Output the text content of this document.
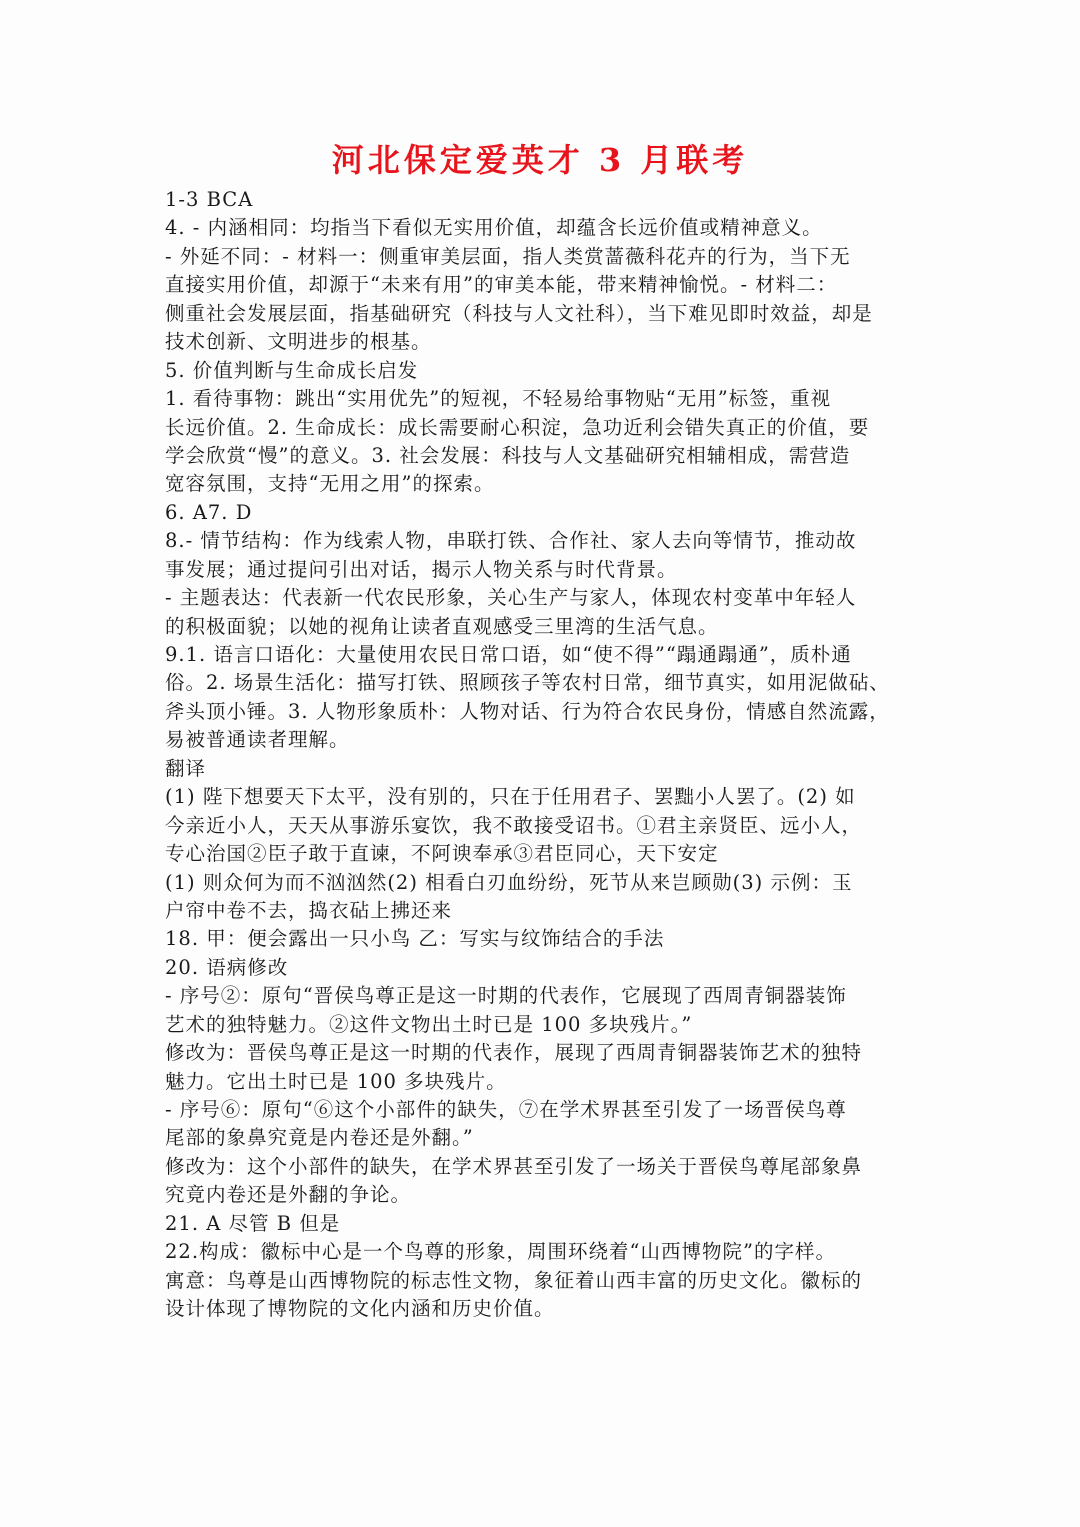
河北保定爱英才 3 月联考
1-3 BCA
4. - 内涵相同：均指当下看似无实用价值，却蕴含长远价值或精神意义。
- 外延不同：- 材料一：侧重审美层面，指人类赏蔷薇科花卉的行为，当下无
直接实用价值，却源于“未来有用”的审美本能，带来精神愉悦。- 材料二：
侧重社会发展层面，指基础研究（科技与人文社科），当下难见即时效益，却是
技术创新、文明进步的根基。
5. 价值判断与生命成长启发
1. 看待事物：跳出“实用优先”的短视，不轻易给事物贴“无用”标签，重视
长远价值。2. 生命成长：成长需要耐心积淀，急功近利会错失真正的价值，要
学会欣赏“慢”的意义。3. 社会发展：科技与人文基础研究相辅相成，需营造
宽容氛围，支持“无用之用”的探索。
6. A7. D
8.- 情节结构：作为线索人物，串联打铁、合作社、家人去向等情节，推动故
事发展；通过提问引出对话，揭示人物关系与时代背景。
- 主题表达：代表新一代农民形象，关心生产与家人，体现农村变革中年轻人
的积极面貌；以她的视角让读者直观感受三里湾的生活气息。
9.1. 语言口语化：大量使用农民日常口语，如“使不得”“蹋通蹋通”，质朴通
俗。2. 场景生活化：描写打铁、照顾孩子等农村日常，细节真实，如用泥做砧、
斧头顶小锤。3. 人物形象质朴：人物对话、行为符合农民身份，情感自然流露，
易被普通读者理解。
翻译
(1) 陛下想要天下太平，没有别的，只在于任用君子、罢黜小人罢了。(2) 如
今亲近小人，天天从事游乐宴饮，我不敢接受诏书。①君主亲贤臣、远小人，
专心治国②臣子敢于直谏，不阿谀奉承③君臣同心，天下安定
(1) 则众何为而不汹汹然(2) 相看白刃血纷纷，死节从来岂顾勋(3) 示例：玉
户帘中卷不去，捣衣砧上拂还来
18. 甲：便会露出一只小鸟 乙：写实与纹饰结合的手法
20. 语病修改
- 序号②：原句“晋侯鸟尊正是这一时期的代表作，它展现了西周青铜器装饰
艺术的独特魅力。②这件文物出土时已是 100 多块残片。”
修改为：晋侯鸟尊正是这一时期的代表作，展现了西周青铜器装饰艺术的独特
魅力。它出土时已是 100 多块残片。
- 序号⑥：原句“⑥这个小部件的缺失，⑦在学术界甚至引发了一场晋侯鸟尊
尾部的象鼻究竟是内卷还是外翻。”
修改为：这个小部件的缺失，在学术界甚至引发了一场关于晋侯鸟尊尾部象鼻
究竟内卷还是外翻的争论。
21. A 尽管 B 但是
22.构成：徽标中心是一个鸟尊的形象，周围环绕着“山西博物院”的字样。
寓意：鸟尊是山西博物院的标志性文物，象征着山西丰富的历史文化。徽标的
设计体现了博物院的文化内涵和历史价值。
